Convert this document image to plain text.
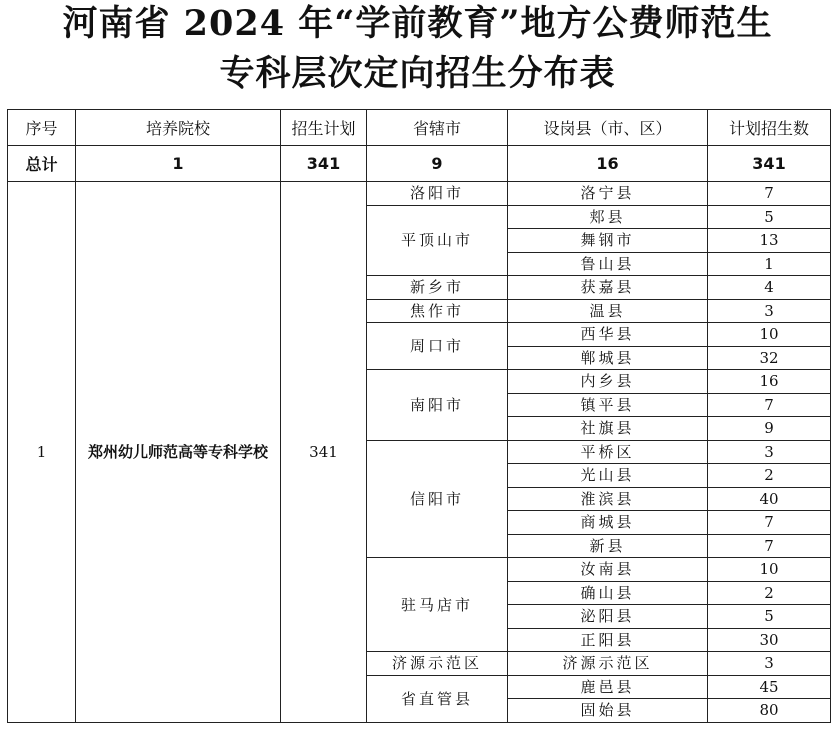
河南省 2024 年“学前教育”地方公费师范生
专科层次定向招生分布表
序号	培养院校	招生计划	省辖市	设岗县（市、区）	计划招生数
总计	1	341	9	16	341
1	郑州幼儿师范高等专科学校	341	洛阳市	洛宁县	7
			平顶山市	郏县	5
				舞钢市	13
				鲁山县	1
			新乡市	获嘉县	4
			焦作市	温县	3
			周口市	西华县	10
				郸城县	32
			南阳市	内乡县	16
				镇平县	7
				社旗县	9
			信阳市	平桥区	3
				光山县	2
				淮滨县	40
				商城县	7
				新县	7
			驻马店市	汝南县	10
				确山县	2
				泌阳县	5
				正阳县	30
			济源示范区	济源示范区	3
			省直管县	鹿邑县	45
				固始县	80
